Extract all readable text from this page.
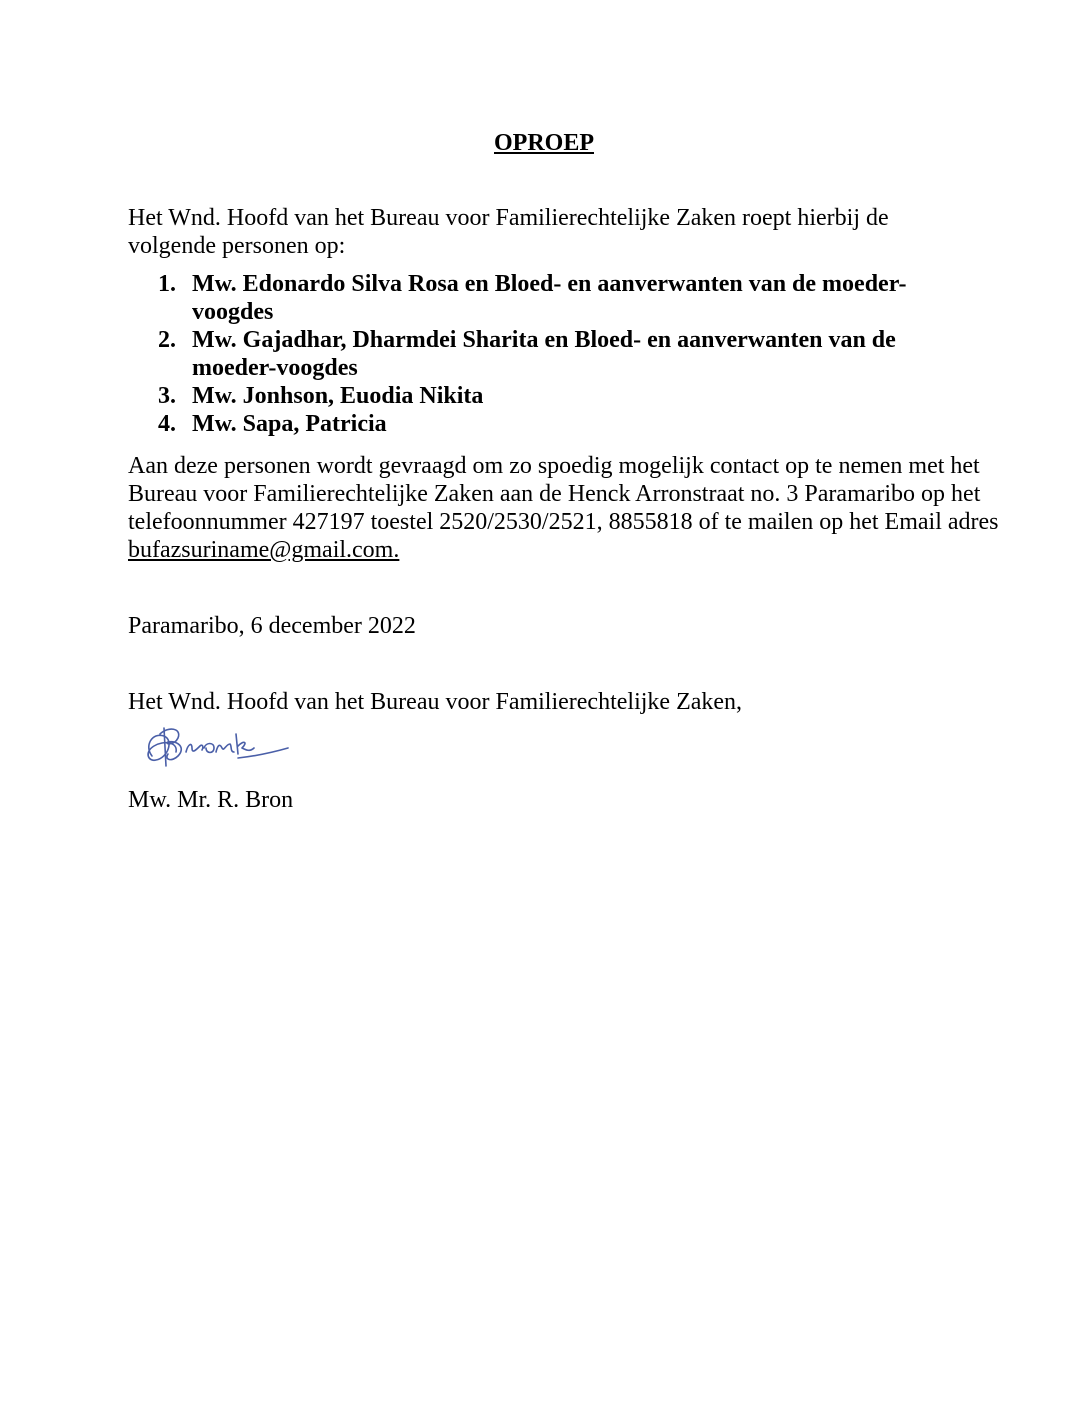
OPROEP

Het Wnd. Hoofd van het Bureau voor Familierechtelijke Zaken roept hierbij de volgende personen op:

1. Mw. Edonardo Silva Rosa en Bloed- en aanverwanten van de moeder-voogdes
2. Mw. Gajadhar, Dharmdei Sharita en Bloed- en aanverwanten van de moeder-voogdes
3. Mw. Jonhson, Euodia Nikita
4. Mw. Sapa, Patricia

Aan deze personen wordt gevraagd om zo spoedig mogelijk contact op te nemen met het Bureau voor Familierechtelijke Zaken aan de Henck Arronstraat no. 3 Paramaribo op het telefoonnummer 427197 toestel 2520/2530/2521, 8855818 of te mailen op het Email adres bufazsuriname@gmail.com.

Paramaribo, 6 december 2022

Het Wnd. Hoofd van het Bureau voor Familierechtelijke Zaken,

Mw. Mr. R. Bron
